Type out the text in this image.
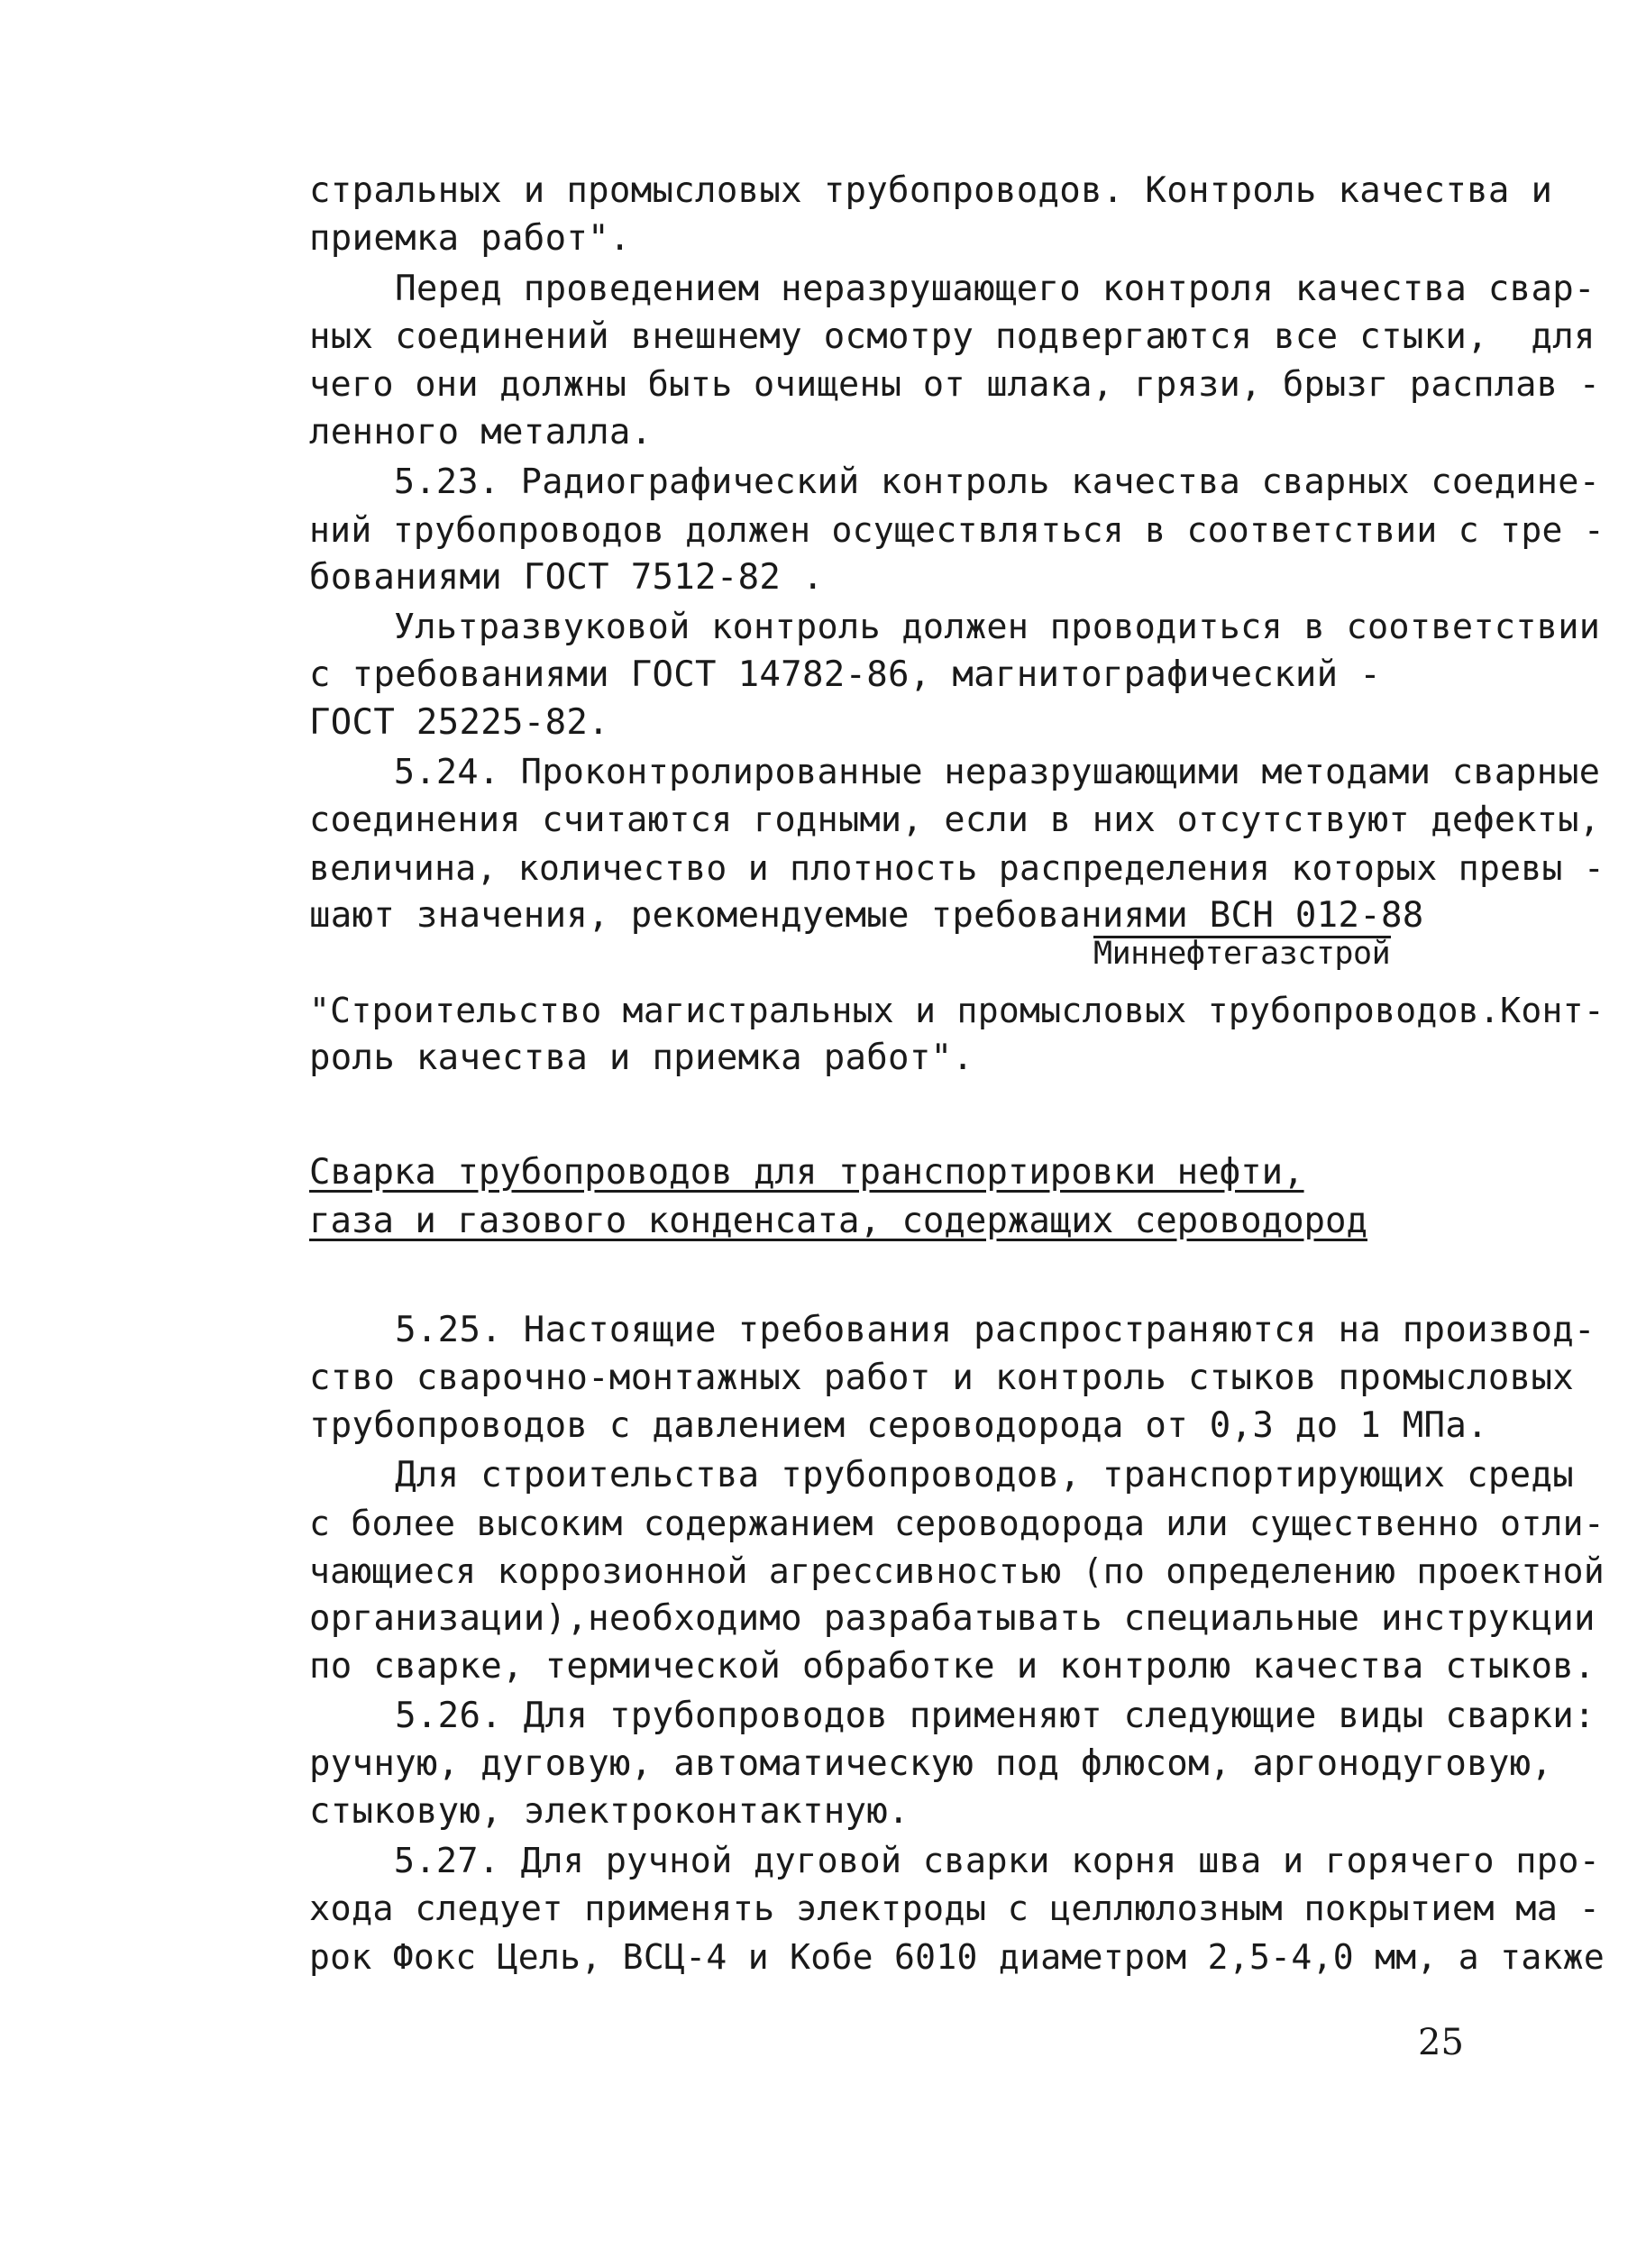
стральных и промысловых трубопроводов. Контроль качества и
приемка работ".
Перед проведением неразрушающего контроля качества свар-
ных соединений внешнему осмотру подвергаются все стыки,  для
чего они должны быть очищены от шлака, грязи, брызг расплав -
ленного металла.
5.23. Радиографический контроль качества сварных соедине-
ний трубопроводов должен осуществляться в соответствии с тре -
бованиями ГОСТ 7512-82 .
Ультразвуковой контроль должен проводиться в соответствии
с требованиями ГОСТ 14782-86, магнитографический -
ГОСТ 25225-82.
5.24. Проконтролированные неразрушающими методами сварные
соединения считаются годными, если в них отсутствуют дефекты,
величина, количество и плотность распределения которых превы -
шают значения, рекомендуемые требованиями ВСН 012-88
Миннефтегазстрой
"Строительство магистральных и промысловых трубопроводов.Конт-
роль качества и приемка работ".
Сварка трубопроводов для транспортировки нефти,
газа и газового конденсата, содержащих сероводород
5.25. Настоящие требования распространяются на производ-
ство сварочно-монтажных работ и контроль стыков промысловых
трубопроводов с давлением сероводорода от 0,3 до 1 МПа.
Для строительства трубопроводов, транспортирующих среды
с более высоким содержанием сероводорода или существенно отли-
чающиеся коррозионной агрессивностью (по определению проектной
организации),необходимо разрабатывать специальные инструкции
по сварке, термической обработке и контролю качества стыков.
5.26. Для трубопроводов применяют следующие виды сварки:
ручную, дуговую, автоматическую под флюсом, аргонодуговую,
стыковую, электроконтактную.
5.27. Для ручной дуговой сварки корня шва и горячего про-
хода следует применять электроды с целлюлозным покрытием ма -
рок Фокс Цель, ВСЦ-4 и Кобе 6010 диаметром 2,5-4,0 мм, а также
25
